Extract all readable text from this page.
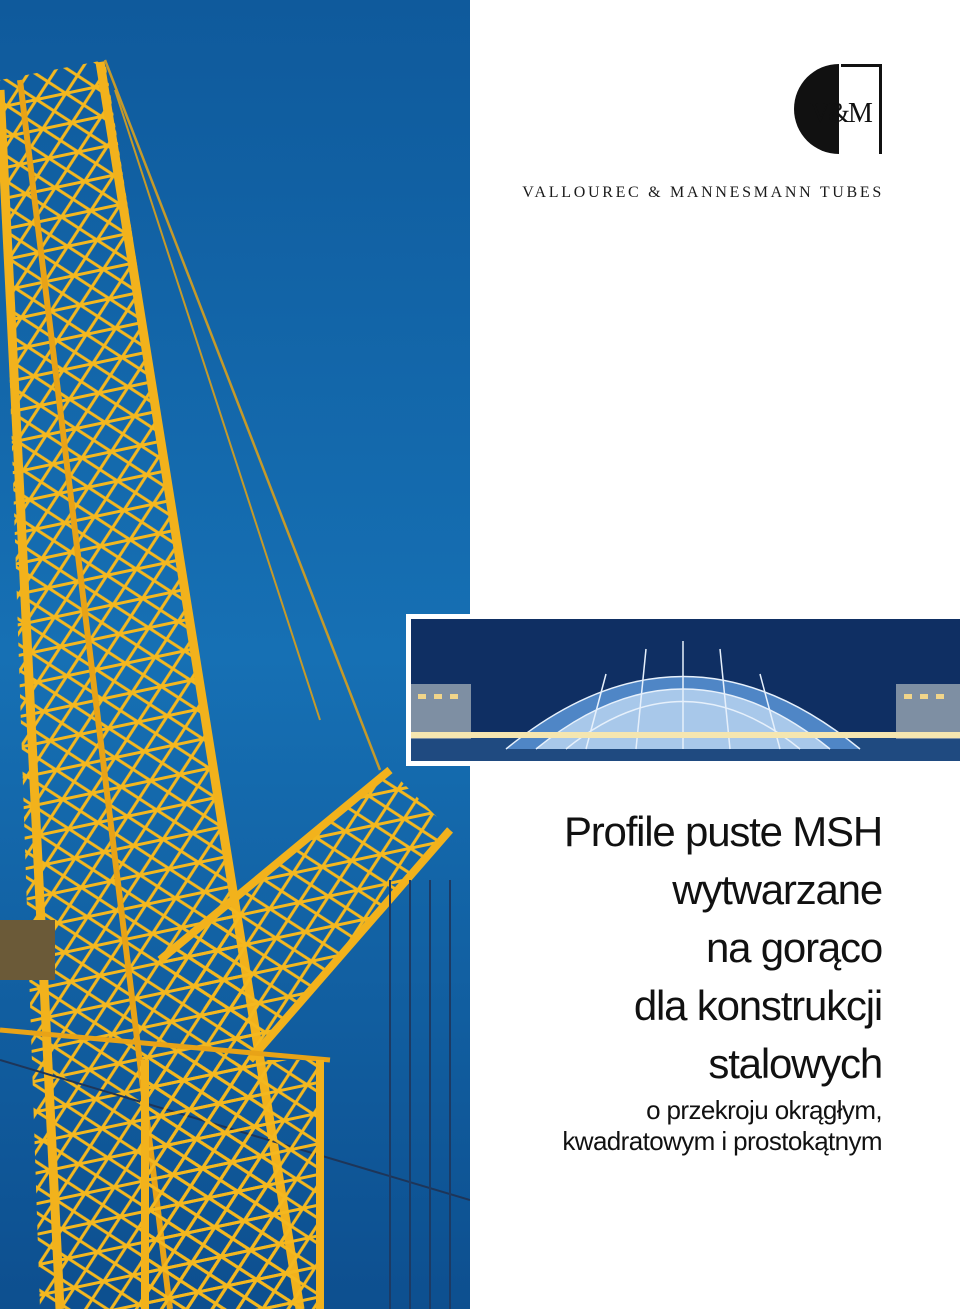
V&M
VALLOUREC & MANNESMANN TUBES
Profile puste MSH
wytwarzane
na gorąco
dla konstrukcji
stalowych
o przekroju okrągłym,
kwadratowym i prostokątnym
